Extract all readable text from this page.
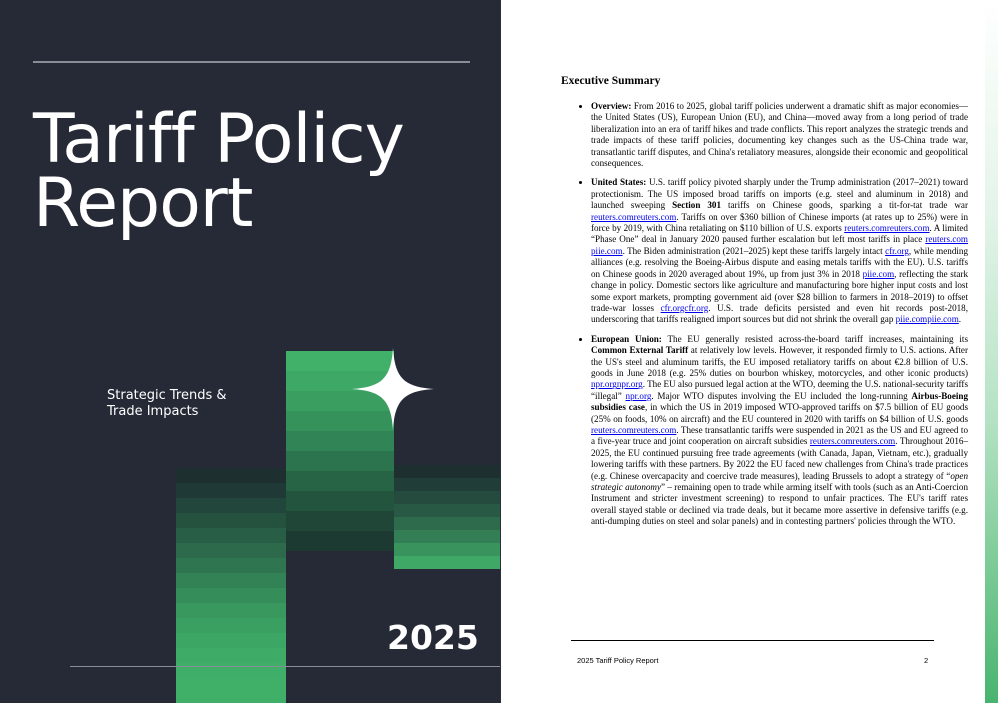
Tariff Policy Report
Strategic Trends &
Trade Impacts
2025
Executive Summary
• Overview: From 2016 to 2025, global tariff policies underwent a dramatic shift as major economies—the United States (US), European Union (EU), and China—moved away from a long period of trade liberalization into an era of tariff hikes and trade conflicts. This report analyzes the strategic trends and trade impacts of these tariff policies, documenting key changes such as the US-China trade war, transatlantic tariff disputes, and China's retaliatory measures, alongside their economic and geopolitical consequences.
• United States: U.S. tariff policy pivoted sharply under the Trump administration (2017–2021) toward protectionism. The US imposed broad tariffs on imports (e.g. steel and aluminum in 2018) and launched sweeping Section 301 tariffs on Chinese goods, sparking a tit-for-tat trade war reuters.comreuters.com. Tariffs on over $360 billion of Chinese imports (at rates up to 25%) were in force by 2019, with China retaliating on $110 billion of U.S. exports reuters.comreuters.com. A limited “Phase One” deal in January 2020 paused further escalation but left most tariffs in place reuters.com piie.com. The Biden administration (2021–2025) kept these tariffs largely intact cfr.org, while mending alliances (e.g. resolving the Boeing-Airbus dispute and easing metals tariffs with the EU). U.S. tariffs on Chinese goods in 2020 averaged about 19%, up from just 3% in 2018 piie.com, reflecting the stark change in policy. Domestic sectors like agriculture and manufacturing bore higher input costs and lost some export markets, prompting government aid (over $28 billion to farmers in 2018–2019) to offset trade-war losses cfr.orgcfr.org. U.S. trade deficits persisted and even hit records post-2018, underscoring that tariffs realigned import sources but did not shrink the overall gap piie.compiie.com.
• European Union: The EU generally resisted across-the-board tariff increases, maintaining its Common External Tariff at relatively low levels. However, it responded firmly to U.S. actions. After the US's steel and aluminum tariffs, the EU imposed retaliatory tariffs on about €2.8 billion of U.S. goods in June 2018 (e.g. 25% duties on bourbon whiskey, motorcycles, and other iconic products) npr.orgnpr.org. The EU also pursued legal action at the WTO, deeming the U.S. national-security tariffs “illegal” npr.org. Major WTO disputes involving the EU included the long-running Airbus-Boeing subsidies case, in which the US in 2019 imposed WTO-approved tariffs on $7.5 billion of EU goods (25% on foods, 10% on aircraft) and the EU countered in 2020 with tariffs on $4 billion of U.S. goods reuters.comreuters.com. These transatlantic tariffs were suspended in 2021 as the US and EU agreed to a five-year truce and joint cooperation on aircraft subsidies reuters.comreuters.com. Throughout 2016–2025, the EU continued pursuing free trade agreements (with Canada, Japan, Vietnam, etc.), gradually lowering tariffs with these partners. By 2022 the EU faced new challenges from China's trade practices (e.g. Chinese overcapacity and coercive trade measures), leading Brussels to adopt a strategy of “open strategic autonomy” – remaining open to trade while arming itself with tools (such as an Anti-Coercion Instrument and stricter investment screening) to respond to unfair practices. The EU's tariff rates overall stayed stable or declined via trade deals, but it became more assertive in defensive tariffs (e.g. anti-dumping duties on steel and solar panels) and in contesting partners' policies through the WTO.
2025 Tariff Policy Report	2
